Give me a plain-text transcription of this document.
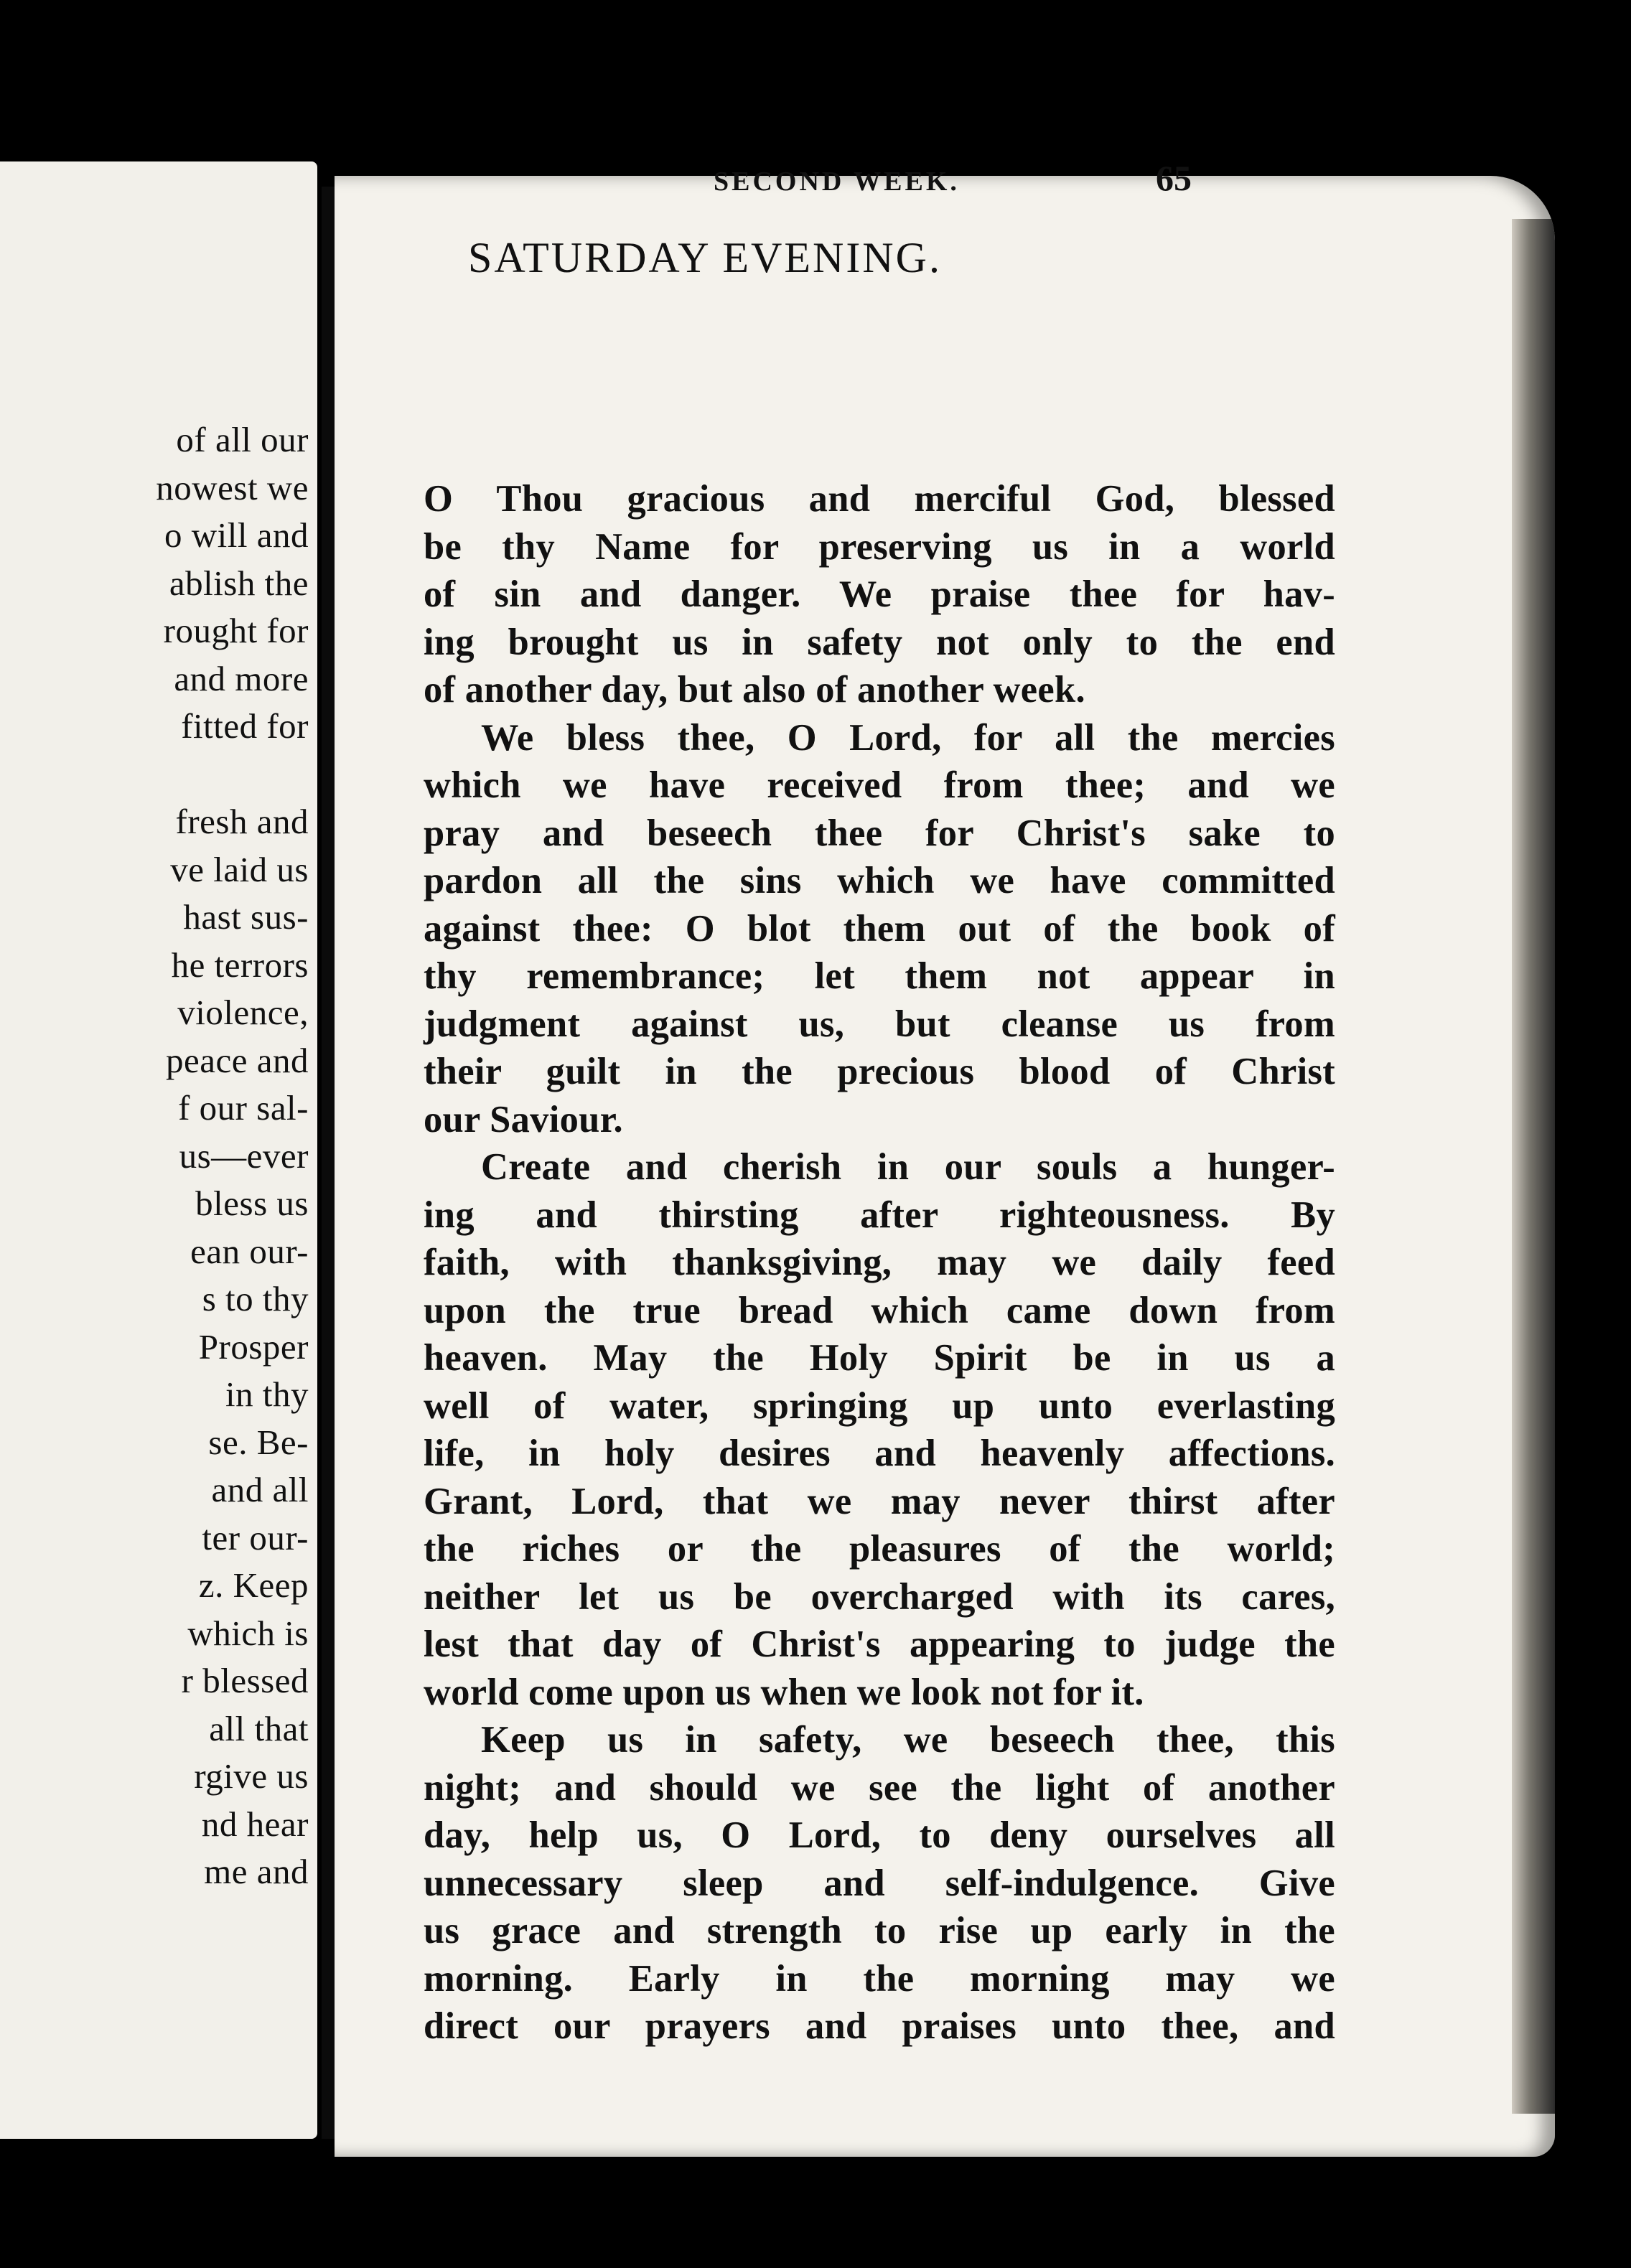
of all our
nowest we
o will and
ablish the
rought for
and more
fitted for
fresh and
ve laid us
hast sus-
he terrors
violence,
peace and
f our sal-
us—ever
bless us
ean our-
s to thy
Prosper
in thy
se. Be-
and all
ter our-
z. Keep
which is
r blessed
all that
rgive us
nd hear
me and
SECOND WEEK.	65
SATURDAY EVENING.
O Thou gracious and merciful God, blessed
be thy Name for preserving us in a world
of sin and danger. We praise thee for hav-
ing brought us in safety not only to the end
of another day, but also of another week.
We bless thee, O Lord, for all the mercies
which we have received from thee; and we
pray and beseech thee for Christ's sake to
pardon all the sins which we have committed
against thee: O blot them out of the book of
thy remembrance; let them not appear in
judgment against us, but cleanse us from
their guilt in the precious blood of Christ
our Saviour.
Create and cherish in our souls a hunger-
ing and thirsting after righteousness. By
faith, with thanksgiving, may we daily feed
upon the true bread which came down from
heaven. May the Holy Spirit be in us a
well of water, springing up unto everlasting
life, in holy desires and heavenly affections.
Grant, Lord, that we may never thirst after
the riches or the pleasures of the world;
neither let us be overcharged with its cares,
lest that day of Christ's appearing to judge the
world come upon us when we look not for it.
Keep us in safety, we beseech thee, this
night; and should we see the light of another
day, help us, O Lord, to deny ourselves all
unnecessary sleep and self-indulgence. Give
us grace and strength to rise up early in the
morning. Early in the morning may we
direct our prayers and praises unto thee, and
